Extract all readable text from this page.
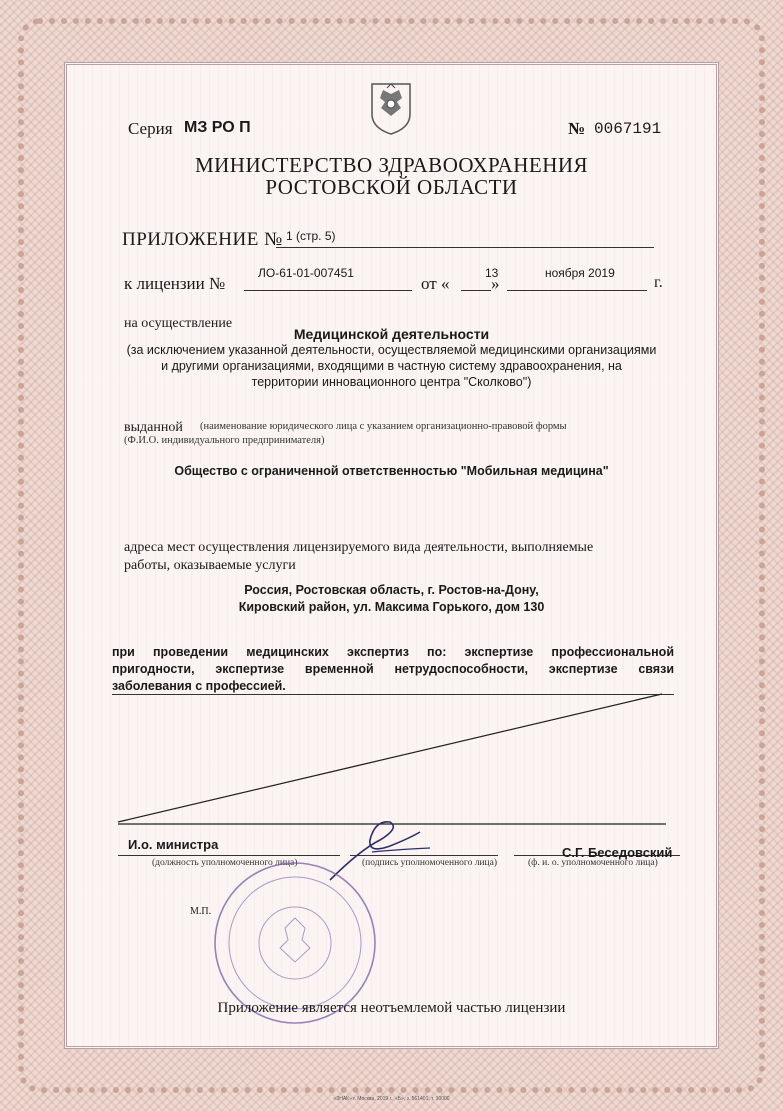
Серия МЗ РО П	№ 0067191
МИНИСТЕРСТВО ЗДРАВООХРАНЕНИЯ
РОСТОВСКОЙ ОБЛАСТИ
ПРИЛОЖЕНИЕ № 1 (стр. 5)
к лицензии №
ЛО-61-01-007451
от «
13
»
ноября 2019
г.
на осуществление
Медицинской деятельности
(за исключением указанной деятельности, осуществляемой медицинскими организациями
и другими организациями, входящими в частную систему здравоохранения, на
территории инновационного центра "Сколково")
выданной (наименование юридического лица с указанием организационно-правовой формы
(Ф.И.О. индивидуального предпринимателя)
Общество с ограниченной ответственностью "Мобильная медицина"
адреса мест осуществления лицензируемого вида деятельности, выполняемые
работы, оказываемые услуги
Россия, Ростовская область, г. Ростов-на-Дону,
Кировский район, ул. Максима Горького, дом 130
при проведении медицинских экспертиз по: экспертизе профессиональной
пригодности, экспертизе временной нетрудоспособности, экспертизе связи
заболевания с профессией.
И.о. министра
С.Г. Беседовский
(должность уполномоченного лица)	(подпись уполномоченного лица)	(ф. и. о. уполномоченного лица)
М.П.
Приложение является неотъемлемой частью лицензии
«ЗНАК» г. Москва, 2019 г., «Б», з. 561401, т. 10000
